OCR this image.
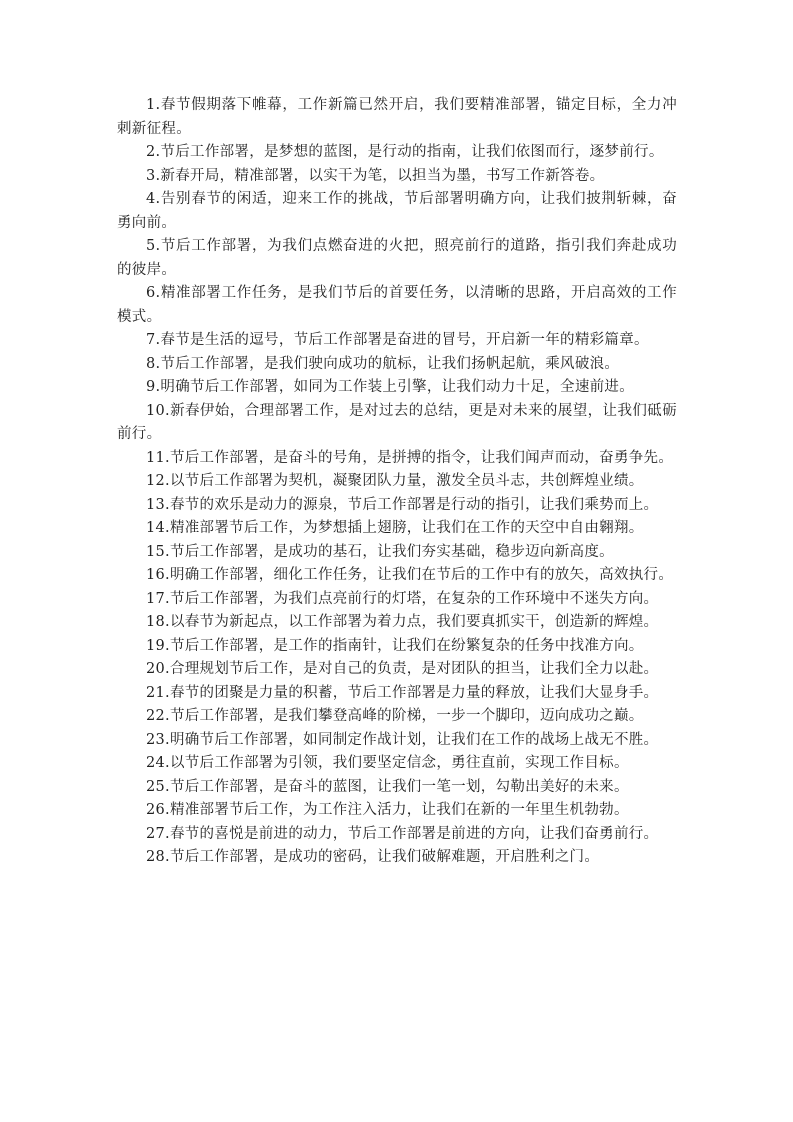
1.春节假期落下帷幕，工作新篇已然开启，我们要精准部署，锚定目标，全力冲刺新征程。

2.节后工作部署，是梦想的蓝图，是行动的指南，让我们依图而行，逐梦前行。

3.新春开局，精准部署，以实干为笔，以担当为墨，书写工作新答卷。

4.告别春节的闲适，迎来工作的挑战，节后部署明确方向，让我们披荆斩棘，奋勇向前。

5.节后工作部署，为我们点燃奋进的火把，照亮前行的道路，指引我们奔赴成功的彼岸。

6.精准部署工作任务，是我们节后的首要任务，以清晰的思路，开启高效的工作模式。

7.春节是生活的逗号，节后工作部署是奋进的冒号，开启新一年的精彩篇章。

8.节后工作部署，是我们驶向成功的航标，让我们扬帆起航，乘风破浪。

9.明确节后工作部署，如同为工作装上引擎，让我们动力十足，全速前进。

10.新春伊始，合理部署工作，是对过去的总结，更是对未来的展望，让我们砥砺前行。

11.节后工作部署，是奋斗的号角，是拼搏的指令，让我们闻声而动，奋勇争先。

12.以节后工作部署为契机，凝聚团队力量，激发全员斗志，共创辉煌业绩。

13.春节的欢乐是动力的源泉，节后工作部署是行动的指引，让我们乘势而上。

14.精准部署节后工作，为梦想插上翅膀，让我们在工作的天空中自由翱翔。

15.节后工作部署，是成功的基石，让我们夯实基础，稳步迈向新高度。

16.明确工作部署，细化工作任务，让我们在节后的工作中有的放矢，高效执行。

17.节后工作部署，为我们点亮前行的灯塔，在复杂的工作环境中不迷失方向。

18.以春节为新起点，以工作部署为着力点，我们要真抓实干，创造新的辉煌。

19.节后工作部署，是工作的指南针，让我们在纷繁复杂的任务中找准方向。

20.合理规划节后工作，是对自己的负责，是对团队的担当，让我们全力以赴。

21.春节的团聚是力量的积蓄，节后工作部署是力量的释放，让我们大显身手。

22.节后工作部署，是我们攀登高峰的阶梯，一步一个脚印，迈向成功之巅。

23.明确节后工作部署，如同制定作战计划，让我们在工作的战场上战无不胜。

24.以节后工作部署为引领，我们要坚定信念，勇往直前，实现工作目标。

25.节后工作部署，是奋斗的蓝图，让我们一笔一划，勾勒出美好的未来。

26.精准部署节后工作，为工作注入活力，让我们在新的一年里生机勃勃。

27.春节的喜悦是前进的动力，节后工作部署是前进的方向，让我们奋勇前行。

28.节后工作部署，是成功的密码，让我们破解难题，开启胜利之门。
